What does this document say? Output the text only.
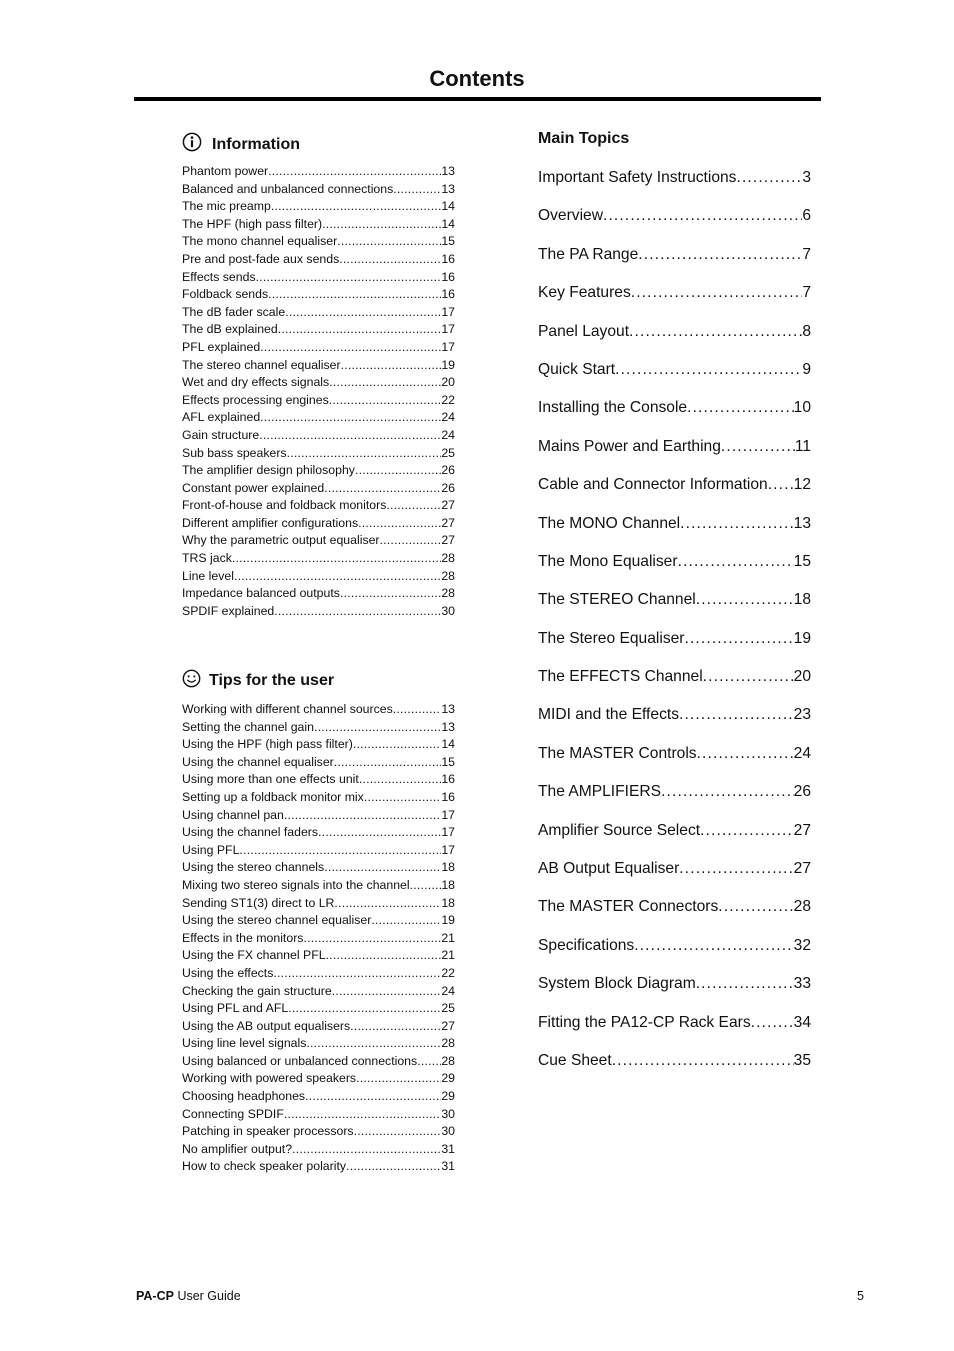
Contents
Information
Phantom power . . .	13
Balanced and unbalanced connections . . .	13
The mic preamp . . .	14
The HPF (high pass filter) . . .	14
The mono channel equaliser . . .	15
Pre and post-fade aux sends . . .	16
Effects sends . . .	16
Foldback sends . . .	16
The dB fader scale . . .	17
The dB explained . . .	17
PFL explained . . .	17
The stereo channel equaliser . . .	19
Wet and dry effects signals . . .	20
Effects processing engines . . .	22
AFL explained . . .	24
Gain structure . . .	24
Sub bass speakers . . .	25
The amplifier design philosophy . . .	26
Constant power explained . . .	26
Front-of-house and foldback monitors . . .	27
Different amplifier configurations . . .	27
Why the parametric output equaliser . . .	27
TRS jack . . .	28
Line level . . .	28
Impedance balanced outputs . . .	28
SPDIF explained . . .	30
Tips for the user
Working with different channel sources . . .	13
Setting the channel gain . . .	13
Using the HPF (high pass filter) . . .	14
Using the channel equaliser . . .	15
Using more than one effects unit . . .	16
Setting up a foldback monitor mix . . .	16
Using channel pan . . .	17
Using the channel faders . . .	17
Using PFL . . .	17
Using the stereo channels . . .	18
Mixing two stereo signals into the channel . . .	18
Sending ST1(3) direct to LR . . .	18
Using the stereo channel equaliser . . .	19
Effects in the monitors . . .	21
Using the FX channel PFL . . .	21
Using the effects . . .	22
Checking the gain structure . . .	24
Using PFL and AFL . . .	25
Using the AB output equalisers . . .	27
Using line level signals . . .	28
Using balanced or unbalanced connections . . . 28
Working with powered speakers . . .	29
Choosing headphones . . .	29
Connecting SPDIF . . .	30
Patching in speaker processors . . .	30
No amplifier output? . . .	31
How to check speaker polarity . . .	31
Main Topics
Important Safety Instructions . . .	3
Overview . . .	6
The PA Range . . .	7
Key Features . . .	7
Panel Layout . . .	8
Quick Start . . .	9
Installing the Console . . .	10
Mains Power and Earthing . . .	11
Cable and Connector Information . . . 12
The MONO Channel . . .	13
The Mono Equaliser . . .	15
The STEREO Channel . . .	18
The Stereo Equaliser . . .	19
The EFFECTS Channel . . .	20
MIDI and the Effects . . .	23
The MASTER Controls . . .	24
The AMPLIFIERS . . .	26
Amplifier Source Select . . .	27
AB Output Equaliser . . .	27
The MASTER Connectors . . .	28
Specifications . . .	32
System Block Diagram . . .	33
Fitting the PA12-CP Rack Ears . . .	34
Cue Sheet . . .	35
PA-CP User Guide	5
